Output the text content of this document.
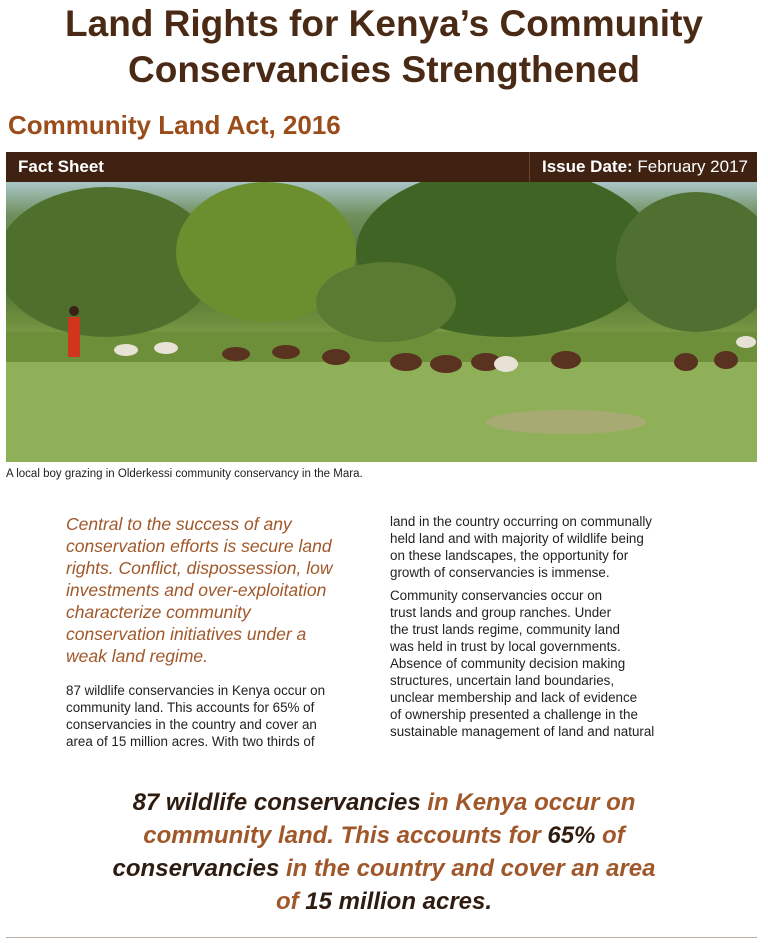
Land Rights for Kenya’s Community
Conservancies Strengthened
Community Land Act, 2016
Fact Sheet	Issue Date: February 2017
A local boy grazing in Olderkessi community conservancy in the Mara.
Central to the success of any
conservation efforts is secure land
rights. Conflict, dispossession, low
investments and over-exploitation
characterize community
conservation initiatives under a
weak land regime.
87 wildlife conservancies in Kenya occur on
community land. This accounts for 65% of
conservancies in the country and cover an
area of 15 million acres. With two thirds of
land in the country occurring on communally
held land and with majority of wildlife being
on these landscapes, the opportunity for
growth of conservancies is immense.
Community conservancies occur on
trust lands and group ranches. Under
the trust lands regime, community land
was held in trust by local governments.
Absence of community decision making
structures, uncertain land boundaries,
unclear membership and lack of evidence
of ownership presented a challenge in the
sustainable management of land and natural
87 wildlife conservancies in Kenya occur on
community land. This accounts for 65% of
conservancies in the country and cover an area
of 15 million acres.
